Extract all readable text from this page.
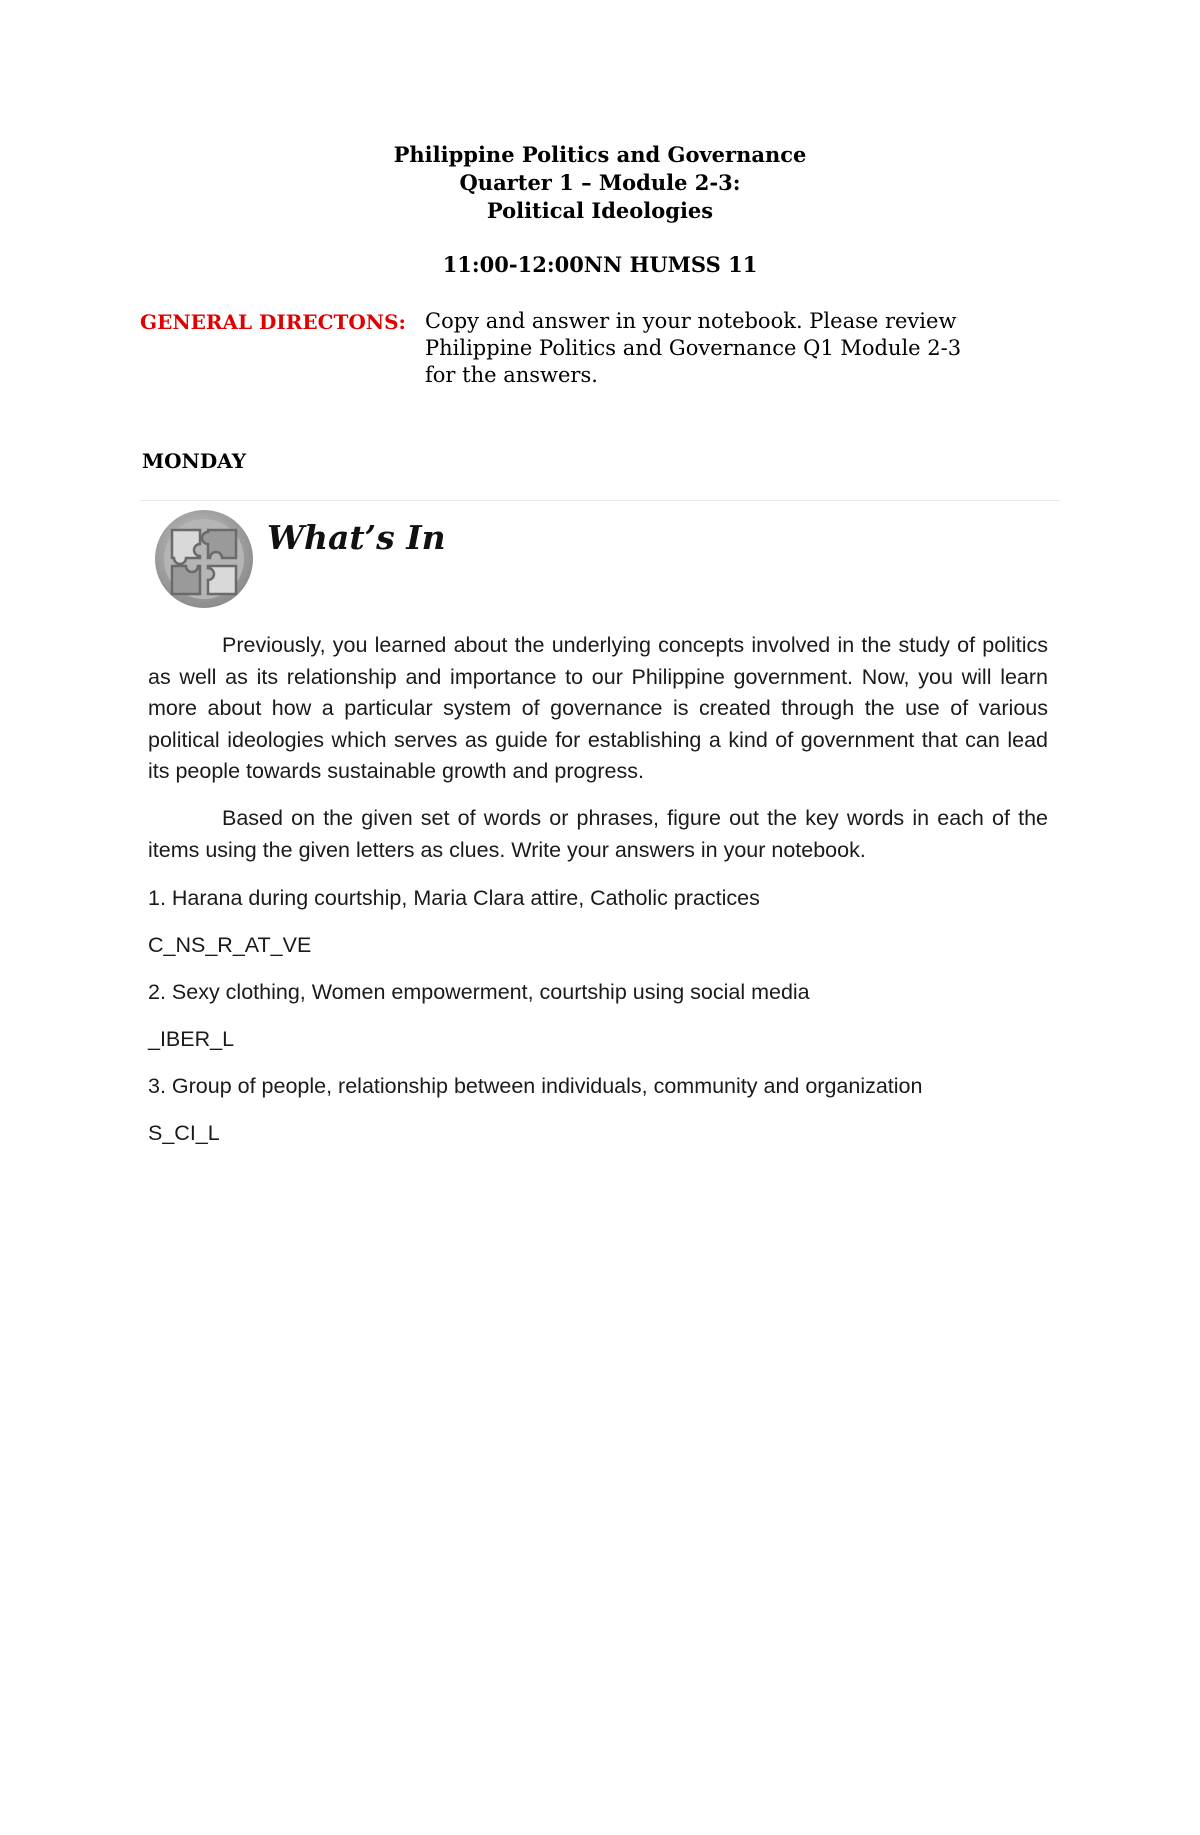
Philippine Politics and Governance
Quarter 1 – Module 2-3:
Political Ideologies
11:00-12:00NN HUMSS 11
GENERAL DIRECTONS: Copy and answer in your notebook. Please review
Philippine Politics and Governance Q1 Module 2-3
for the answers.
MONDAY
What’s In
Previously, you learned about the underlying concepts involved in the study of politics as well as its relationship and importance to our Philippine government. Now, you will learn more about how a particular system of governance is created through the use of various political ideologies which serves as guide for establishing a kind of government that can lead its people towards sustainable growth and progress.
Based on the given set of words or phrases, figure out the key words in each of the items using the given letters as clues. Write your answers in your notebook.
1. Harana during courtship, Maria Clara attire, Catholic practices
C_NS_R_AT_VE
2. Sexy clothing, Women empowerment, courtship using social media
_IBER_L
3. Group of people, relationship between individuals, community and organization
S_CI_L
